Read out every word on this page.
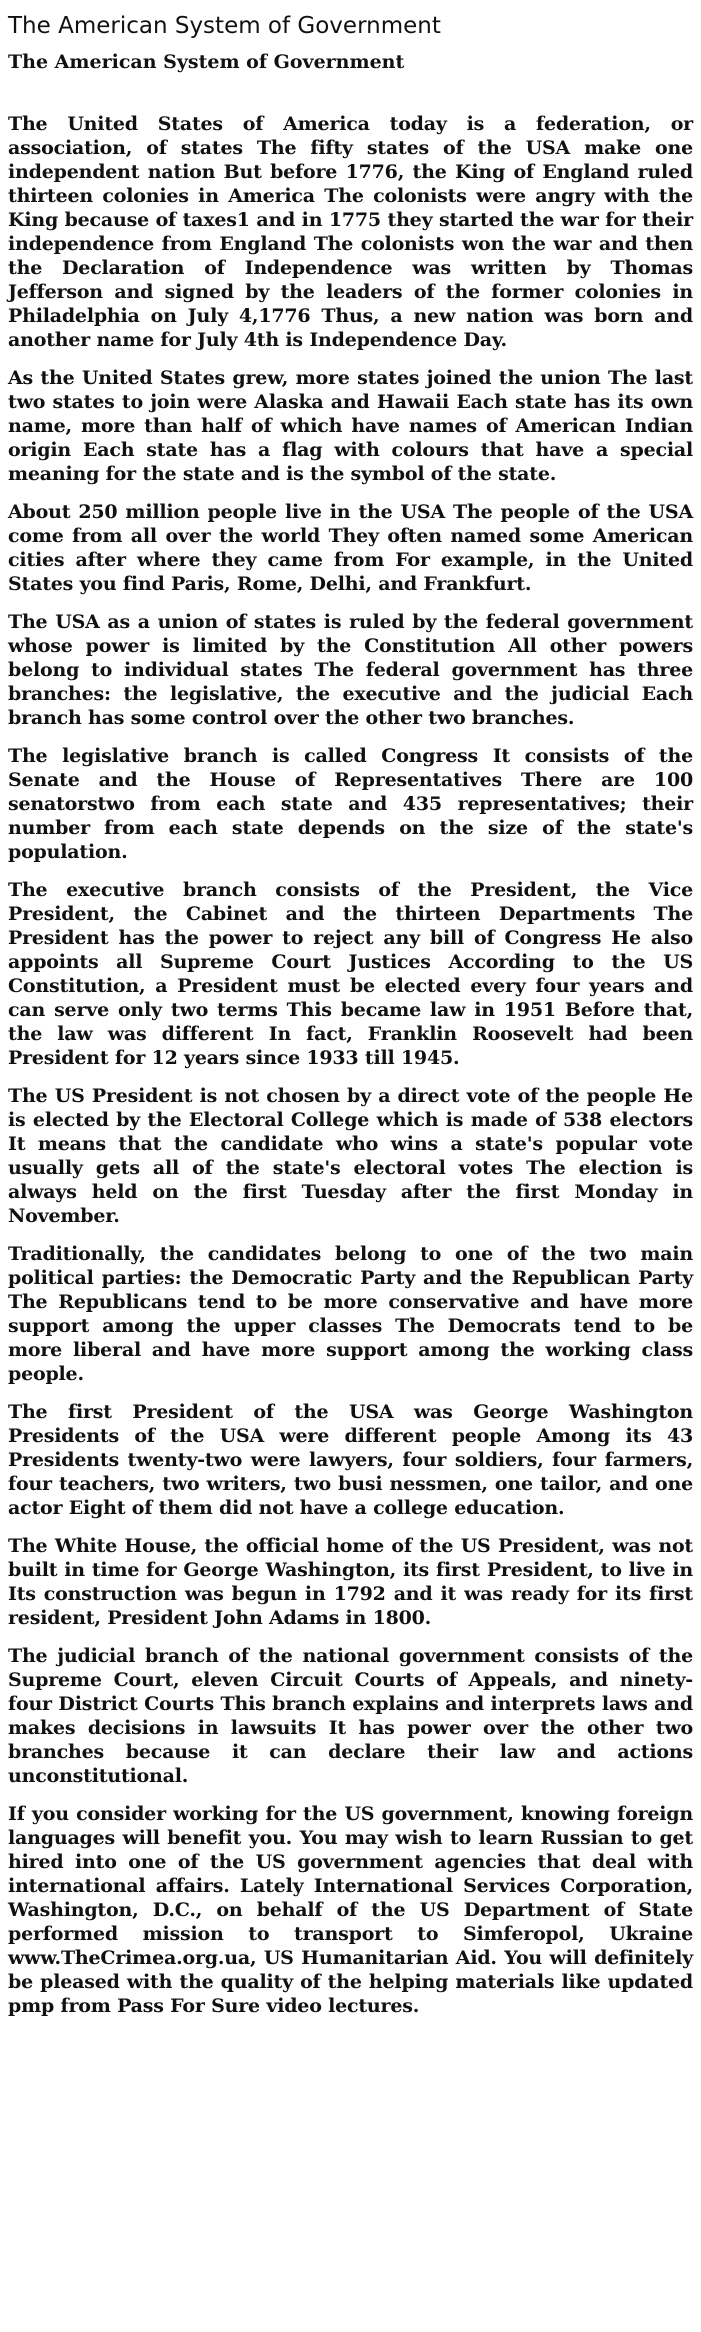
The American System of Government
The American System of Government

The United States of America today is a federation, or association, of states The fifty states of the USA make one independent nation But before 1776, the King of England ruled thirteen colonies in America The colonists were angry with the King because of taxes1 and in 1775 they started the war for their independence from England The colonists won the war and then the Declaration of Independence was written by Thomas Jefferson and signed by the leaders of the former colonies in Philadelphia on July 4,1776 Thus, a new nation was born and another name for July 4th is Independence Day.

As the United States grew, more states joined the union The last two states to join were Alaska and Hawaii Each state has its own name, more than half of which have names of American Indian origin Each state has a flag with colours that have a special meaning for the state and is the symbol of the state.

About 250 million people live in the USA The people of the USA come from all over the world They often named some American cities after where they came from For example, in the United States you find Paris, Rome, Delhi, and Frankfurt.

The USA as a union of states is ruled by the federal government whose power is limited by the Constitution All other powers belong to individual states The federal government has three branches: the legislative, the executive and the judicial Each branch has some control over the other two branches.

The legislative branch is called Congress It consists of the Senate and the House of Representatives There are 100 senatorstwo from each state and 435 representatives; their number from each state depends on the size of the state's population.

The executive branch consists of the President, the Vice President, the Cabinet and the thirteen Departments The President has the power to reject any bill of Congress He also appoints all Supreme Court Justices According to the US Constitution, a President must be elected every four years and can serve only two terms This became law in 1951 Before that, the law was different In fact, Franklin Roosevelt had been President for 12 years since 1933 till 1945.

The US President is not chosen by a direct vote of the people He is elected by the Electoral College which is made of 538 electors It means that the candidate who wins a state's popular vote usually gets all of the state's electoral votes The election is always held on the first Tuesday after the first Monday in November.

Traditionally, the candidates belong to one of the two main political parties: the Democratic Party and the Republican Party The Republicans tend to be more conservative and have more support among the upper classes The Democrats tend to be more liberal and have more support among the working class people.

The first President of the USA was George Washington Presidents of the USA were different people Among its 43 Presidents twenty-two were lawyers, four soldiers, four farmers, four teachers, two writers, two busi nessmen, one tailor, and one actor Eight of them did not have a college education.

The White House, the official home of the US President, was not built in time for George Washington, its first President, to live in Its construction was begun in 1792 and it was ready for its first resident, President John Adams in 1800.

The judicial branch of the national government consists of the Supreme Court, eleven Circuit Courts of Appeals, and ninety-four District Courts This branch explains and interprets laws and makes decisions in lawsuits It has power over the other two branches because it can declare their law and actions unconstitutional.

If you consider working for the US government, knowing foreign languages will benefit you. You may wish to learn Russian to get hired into one of the US government agencies that deal with international affairs. Lately International Services Corporation, Washington, D.C., on behalf of the US Department of State performed mission to transport to Simferopol, Ukraine www.TheCrimea.org.ua, US Humanitarian Aid. You will definitely be pleased with the quality of the helping materials like updated pmp from Pass For Sure video lectures.
